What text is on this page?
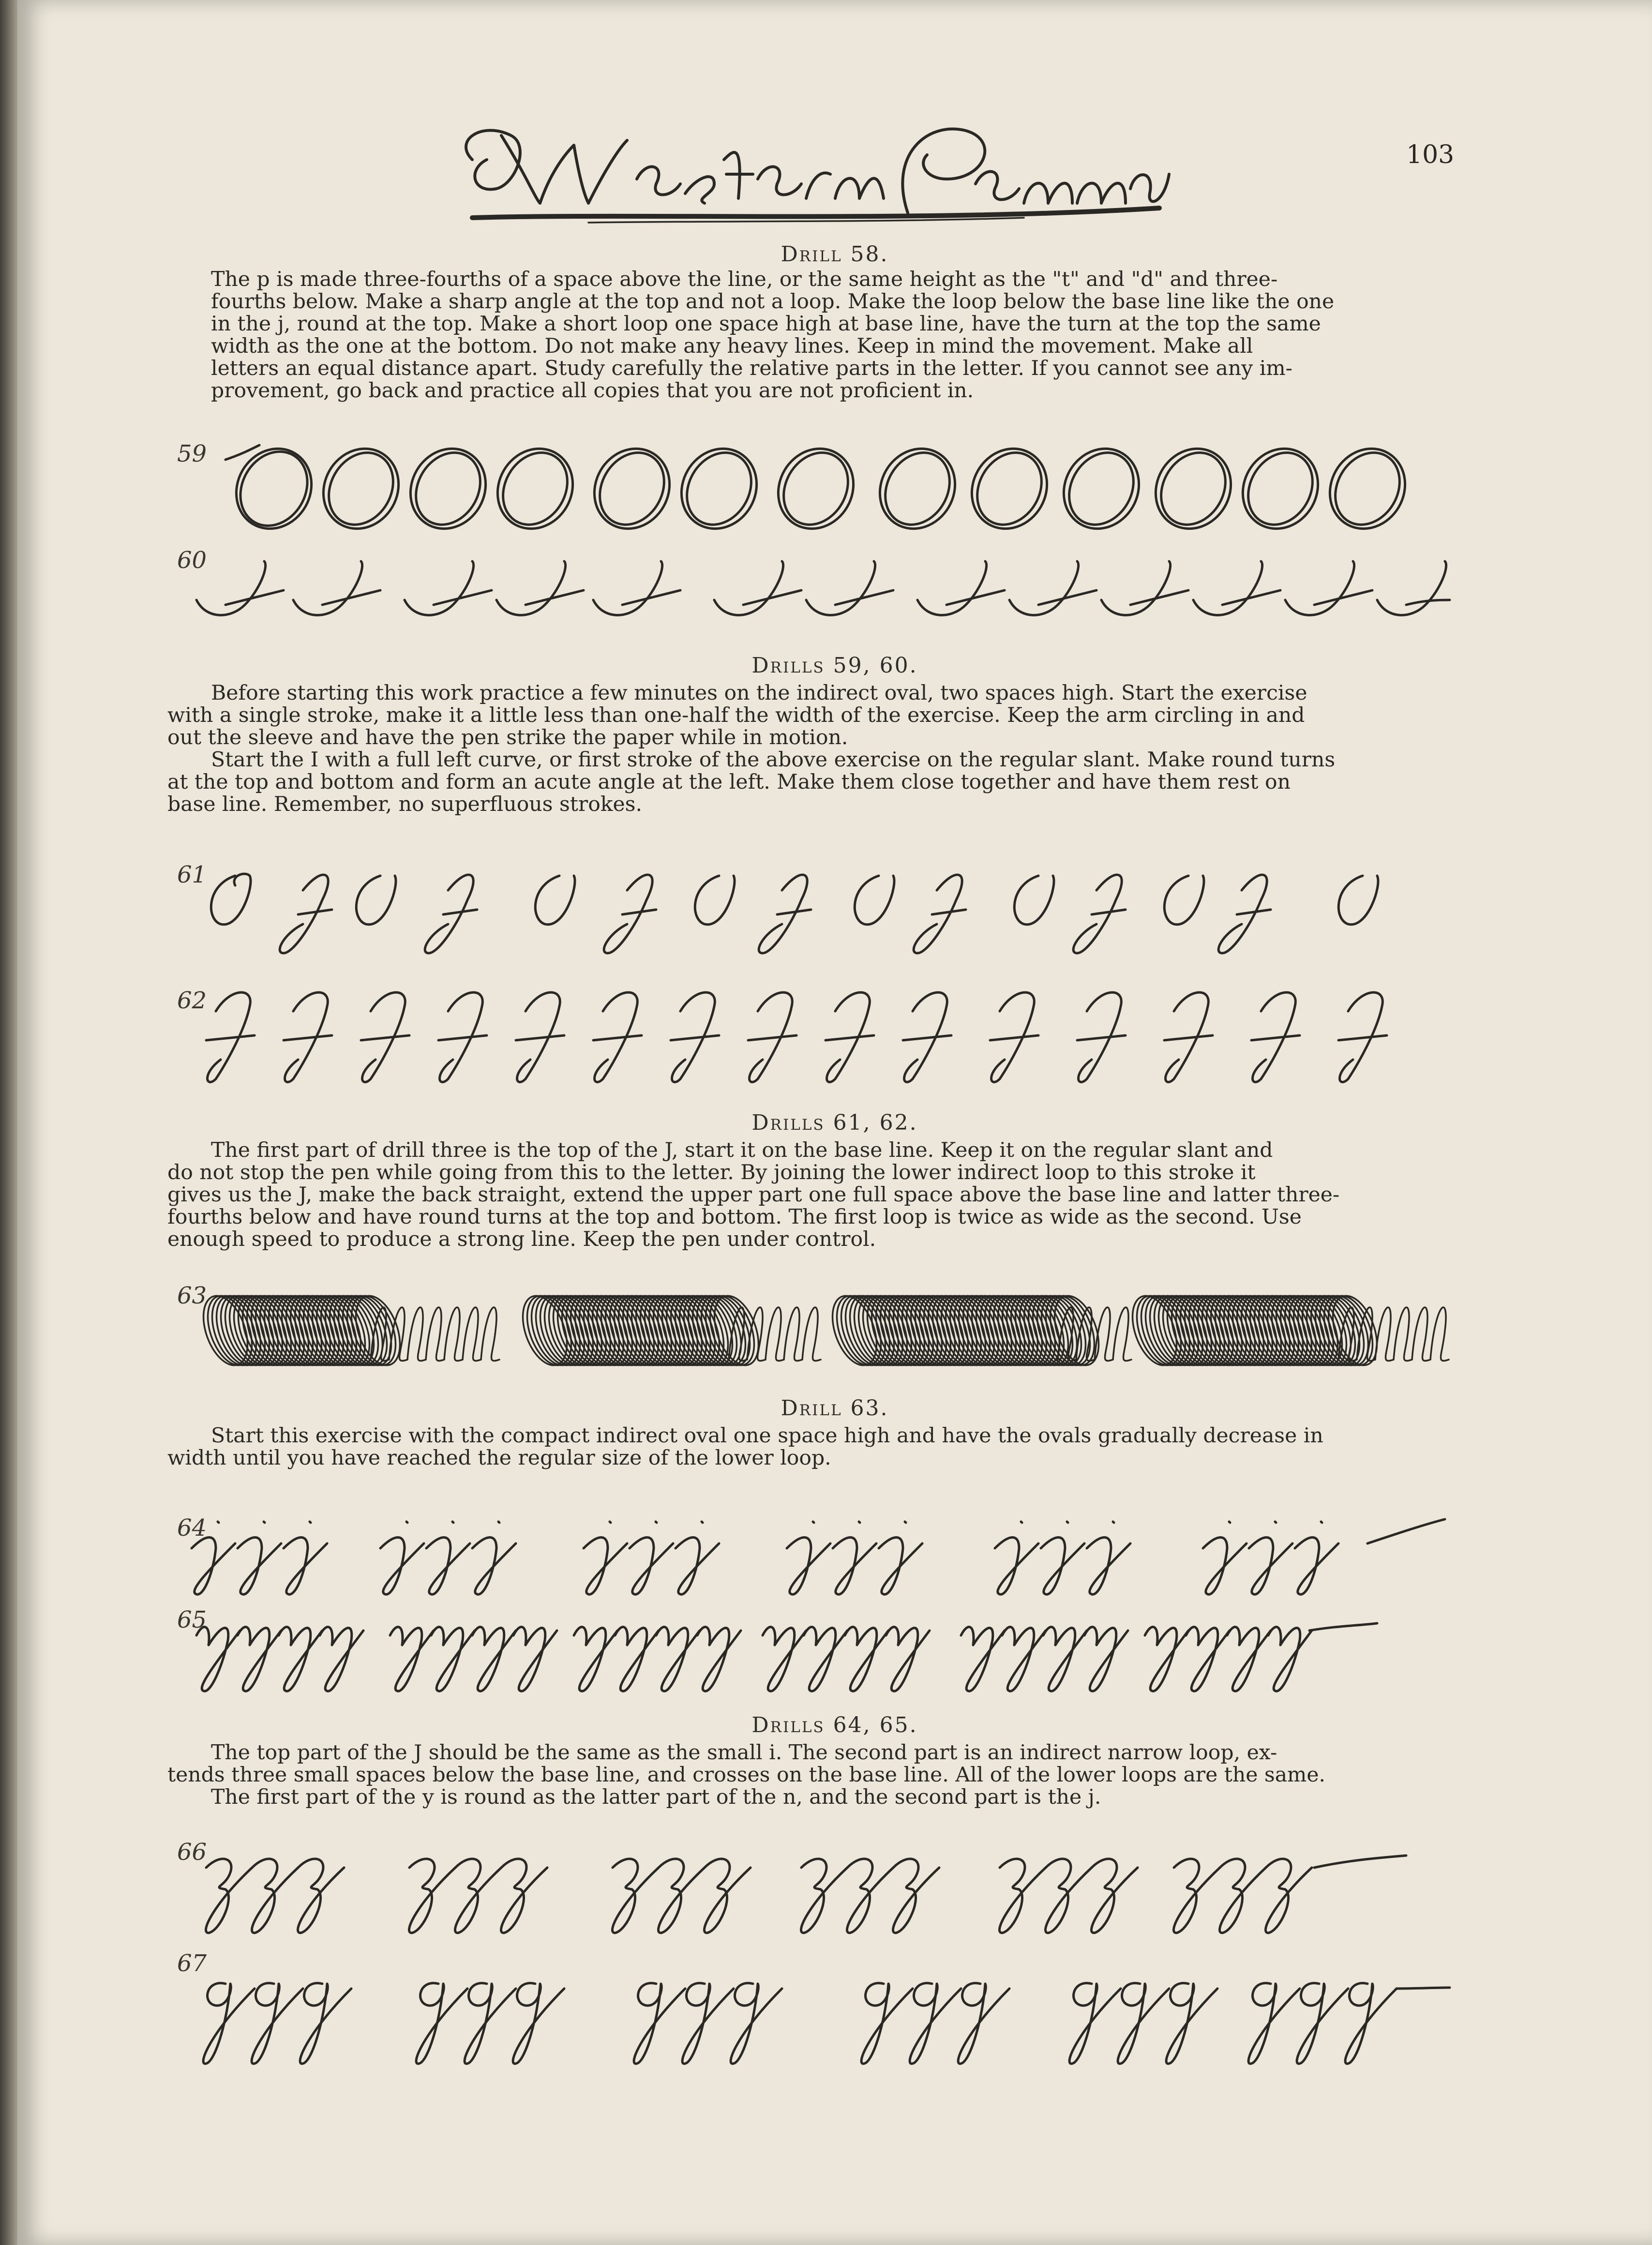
103
Drill 58.
The p is made three-fourths of a space above the line, or the same height as the "t" and "d" and three-
fourths below. Make a sharp angle at the top and not a loop. Make the loop below the base line like the one
in the j, round at the top. Make a short loop one space high at base line, have the turn at the top the same
width as the one at the bottom. Do not make any heavy lines. Keep in mind the movement. Make all
letters an equal distance apart. Study carefully the relative parts in the letter. If you cannot see any im-
provement, go back and practice all copies that you are not proficient in.
59
60
Drills 59, 60.
Before starting this work practice a few minutes on the indirect oval, two spaces high. Start the exercise
with a single stroke, make it a little less than one-half the width of the exercise. Keep the arm circling in and
out the sleeve and have the pen strike the paper while in motion.
Start the I with a full left curve, or first stroke of the above exercise on the regular slant. Make round turns
at the top and bottom and form an acute angle at the left. Make them close together and have them rest on
base line. Remember, no superfluous strokes.
61
62
Drills 61, 62.
The first part of drill three is the top of the J, start it on the base line. Keep it on the regular slant and
do not stop the pen while going from this to the letter. By joining the lower indirect loop to this stroke it
gives us the J, make the back straight, extend the upper part one full space above the base line and latter three-
fourths below and have round turns at the top and bottom. The first loop is twice as wide as the second. Use
enough speed to produce a strong line. Keep the pen under control.
63
Drill 63.
Start this exercise with the compact indirect oval one space high and have the ovals gradually decrease in
width until you have reached the regular size of the lower loop.
64
65
Drills 64, 65.
The top part of the J should be the same as the small i. The second part is an indirect narrow loop, ex-
tends three small spaces below the base line, and crosses on the base line. All of the lower loops are the same.
The first part of the y is round as the latter part of the n, and the second part is the j.
66
67
